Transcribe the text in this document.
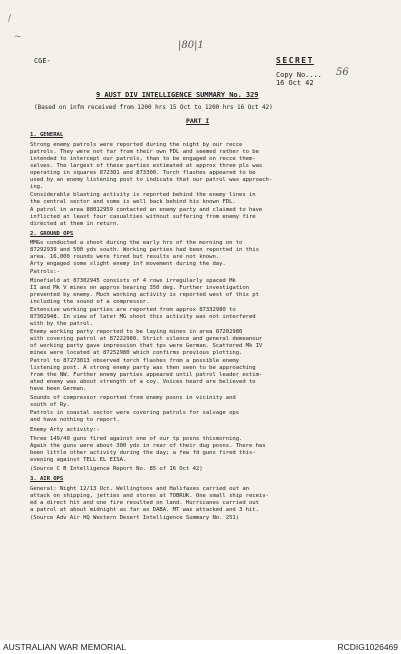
/
~
CGE-
|80|1
SECRET
Copy No.... 56
16 Oct 42
9 AUST DIV INTELLIGENCE SUMMARY No. 329
(Based on infm received from 1200 hrs 15 Oct to 1200 hrs 16 Oct 42)
PART I
1. GENERAL
Strong enemy patrols were reported during the night by our recce
patrols. They were not far from their own FDL and seemed rather to be
intended to intercept our patrols, than to be engaged on recce them-
selves. The largest of these parties estimated at approx three pls was
operating in squares 872301 and 873300. Torch flashes appeared to be
used by an enemy listening post to indicate that our patrol was approach-
ing.
Considerable blasting activity is reported behind the enemy lines in
the central sector and some is well back behind his known FDL.
A patrol in area 88012959 contacted an enemy party and claimed to have
inflicted at least four casualties without suffering from enemy fire
directed at them in return.
2. GROUND OPS
MMGs conducted a shoot during the early hrs of the morning on to
87292939 and 500 yds south. Working parties had been reported in this
area. 16,000 rounds were fired but results are not known.
Arty engaged some slight enemy inf movement during the day.
Patrols:-
Minefield at 87302945 consists of 4 rows irregularly spaced Mk
II and Mk V mines on approx bearing 350 deg. Further investigation
prevented by enemy. Much working activity is reported west of this pt
including the sound of a compressor.
Extensive working parties are reported from approx 87332980 to
87302948. In view of later MG shoot this activity was not interfered
with by the patrol.
Enemy working party reported to be laying mines in area 87202980
with covering patrol at 87222980. Strict silence and general demeanour
of working party gave impression that tps were German. Scattered Mk IV
mines were located at 87252980 which confirms previous plotting.
Patrol to 87273013 observed torch flashes from a possible enemy
listening post. A strong enemy party was then seen to be approaching
from the NW. Further enemy parties appeared until patrol leader estim-
ated enemy was about strength of a coy. Voices heard are believed to
have been German.
Sounds of compressor reported from enemy posns in vicinity and
south of Ry.
Patrols in coastal sector were covering patrols for salvage ops
and have nothing to report.
Enemy Arty activity:-
Three 149/40 guns fired against one of our tp posns thismorning.
Again the guns were about 300 yds in rear of their dug posns. There has
been little other activity during the day; a few fd guns fired this-
evening against TELL EL EISA.
(Source C B Intelligence Report No. 85 of 16 Oct 42)
3. AIR OPS
General: Night 12/13 Oct. Wellingtons and Halifaxes carried out an
attack on shipping, jetties and stores at TOBRUK. One small ship receiv-
ed a direct hit and one fire resulted on land. Hurricanes carried out
a patrol at about midnight as far as DABA. MT was attacked and 3 hit.
(Source Adv Air HQ Western Desert Intelligence Summary No. 251)
AUSTRALIAN WAR MEMORIAL	RCDIG1026469
